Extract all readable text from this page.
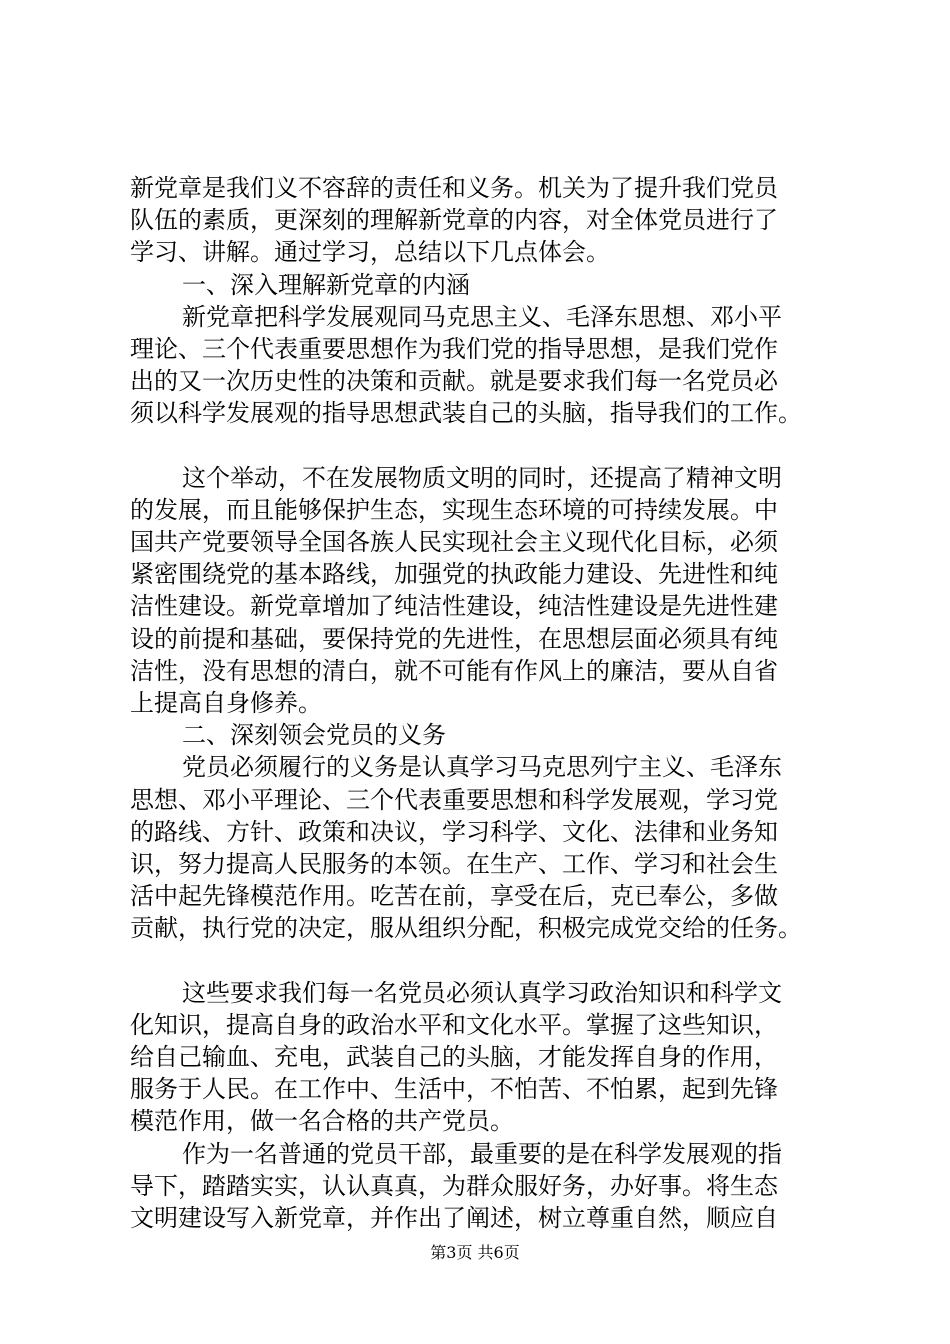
新党章是我们义不容辞的责任和义务。机关为了提升我们党员
队伍的素质，更深刻的理解新党章的内容，对全体党员进行了
学习、讲解。通过学习，总结以下几点体会。
一、深入理解新党章的内涵
新党章把科学发展观同马克思主义、毛泽东思想、邓小平
理论、三个代表重要思想作为我们党的指导思想，是我们党作
出的又一次历史性的决策和贡献。就是要求我们每一名党员必
须以科学发展观的指导思想武装自己的头脑，指导我们的工作。
这个举动，不在发展物质文明的同时，还提高了精神文明
的发展，而且能够保护生态，实现生态环境的可持续发展。中
国共产党要领导全国各族人民实现社会主义现代化目标，必须
紧密围绕党的基本路线，加强党的执政能力建设、先进性和纯
洁性建设。新党章增加了纯洁性建设，纯洁性建设是先进性建
设的前提和基础，要保持党的先进性，在思想层面必须具有纯
洁性，没有思想的清白，就不可能有作风上的廉洁，要从自省
上提高自身修养。
二、深刻领会党员的义务
党员必须履行的义务是认真学习马克思列宁主义、毛泽东
思想、邓小平理论、三个代表重要思想和科学发展观，学习党
的路线、方针、政策和决议，学习科学、文化、法律和业务知
识，努力提高人民服务的本领。在生产、工作、学习和社会生
活中起先锋模范作用。吃苦在前，享受在后，克已奉公，多做
贡献，执行党的决定，服从组织分配，积极完成党交给的任务。
这些要求我们每一名党员必须认真学习政治知识和科学文
化知识，提高自身的政治水平和文化水平。掌握了这些知识，
给自己输血、充电，武装自己的头脑，才能发挥自身的作用，
服务于人民。在工作中、生活中，不怕苦、不怕累，起到先锋
模范作用，做一名合格的共产党员。
作为一名普通的党员干部，最重要的是在科学发展观的指
导下，踏踏实实，认认真真，为群众服好务，办好事。将生态
文明建设写入新党章，并作出了阐述，树立尊重自然，顺应自
第3页 共6页
